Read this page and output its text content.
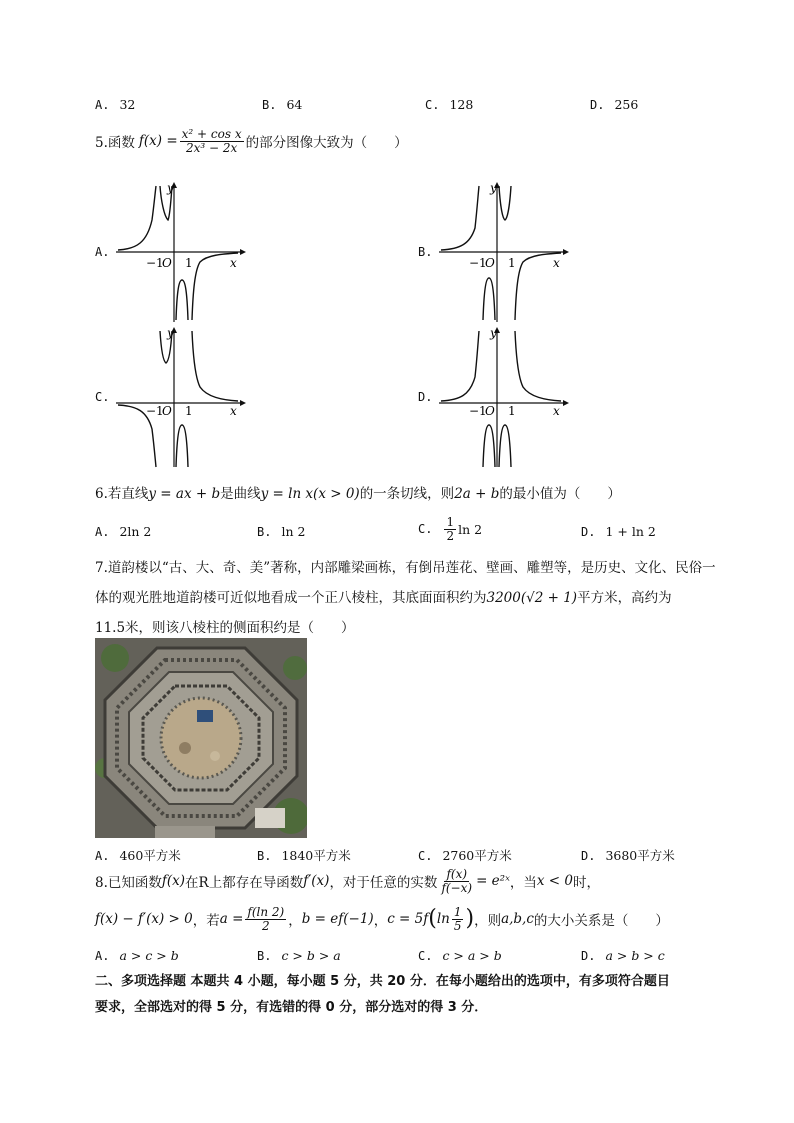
A. 32	B. 64	C. 128	D. 256
5.函数 $f(x) = \frac{\text{x² + cos x}}{\text{2x³ − 2x}}$ 的部分图像大致为（　　）
A.
y
x
−1
O 1
B.
y
x
−1
O 1
C.
y
x
−1
O 1
D.
y
x
−1
O 1
6.若直线y = ax + b是曲线y = ln x(x > 0)的一条切线，则2a + b的最小值为（　　）
A. 2ln 2	B. ln 2	C. $\frac{1}{2}$ ln 2	D. 1 + ln 2
7.道韵楼以“古、大、奇、美”著称，内部雕梁画栋，有倒吊莲花、壁画、雕塑等，是历史、文化、民俗一
体的观光胜地道韵楼可近似地看成一个正八棱柱，其底面面积约为3200(√2 + 1)平方米，高约为
11.5米，则该八棱柱的侧面积约是（　　）
A. 460平方米	B. 1840平方米	C. 2760平方米	D. 3680平方米
8.已知函数 f(x) 在R上都存在导函数 f′(x) ，对于任意的实数 $\frac{f(x)}{f(-x)}$ = e²ˣ ，当 x < 0 时，
f(x) − f′(x) > 0 ，若 $a = \frac{f(\ln 2)}{2}$ ， b = ef(−1) ， c = 5f ( $\ln \frac{1}{5}$ ) ，则 a,b,c 的大小关系是（　　）
A. a > c > b	B. c > b > a	C. c > a > b	D. a > b > c
二、多项选择题 本题共 4 小题，每小题 5 分，共 20 分．在每小题给出的选项中，有多项符合题目
要求，全部选对的得 5 分，有选错的得 0 分，部分选对的得 3 分．
